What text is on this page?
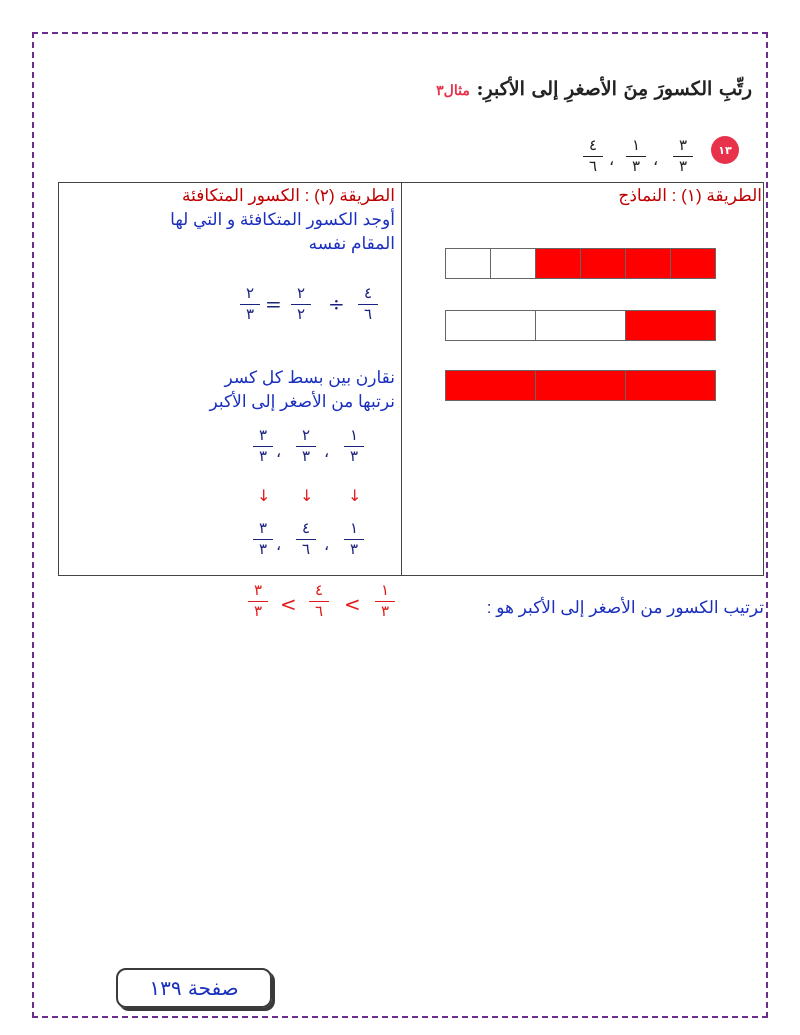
رتِّبِ الكسورَ مِنَ الأصغرِ إلى الأكبرِ: مثال٣
١٣
٣
٣
،
١
٣
،
٤
٦
الطريقة (١) : النماذج
الطريقة (٢) : الكسور المتكافئة
أوجد الكسور المتكافئة و التي لها
المقام نفسه
٤
٦
÷
٢
٢
=
٢
٣
نقارن بين بسط كل كسر
نرتبها من الأصغر إلى الأكبر
١
٣
،
٢
٣
،
٣
٣
↓
↓
↓
١
٣
،
٤
٦
،
٣
٣
ترتيب الكسور من الأصغر إلى الأكبر هو :
١
٣
<
٤
٦
<
٣
٣
صفحة ١٣٩
